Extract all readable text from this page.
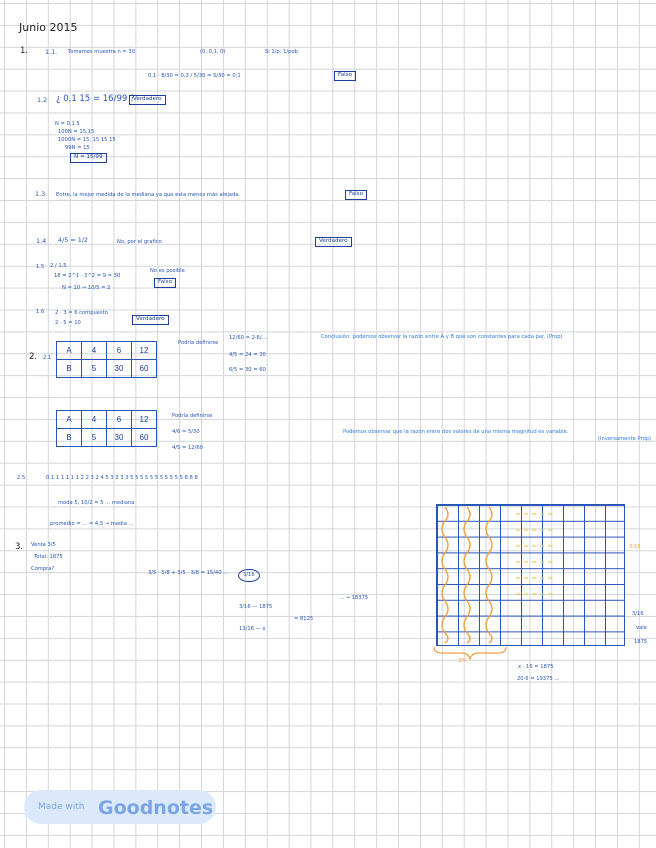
Junio 2015
1.	1.1. Tomamos muestra n = 30	(0, 0,1, 0)	Si 1/p: 1/pob
0,1 · 8/30 = 0,3 / 5/30 = 5/30 = 0,1	Falso
1.2 ¿ 0,1 15 = 16/99 ?
Verdadero
N = 0,1 5
100N = 15,15
1000N = 15, 15 15 15
99N = 15
N = 15/99
1.3 Entre, la mejor medida de la mediana ya que esta menos más alejada.	Falso
1.4 4/5 = 1/2	No, por el grafico	Verdadero
1.5 2 / 1,5
18 = 2^1 · 3^2 = 9 = 30
N = 10 → 10/5 = 2
No es posible
Falso
1.6 2 · 3 = 6 compuesto
2 · 5 = 10
Verdadero
2. 2.1
A	4	6	12
B	5	30	60
Podría definirse
12/60 = 2·6/...
4/5 = 24 = 30
6/5 = 30 = 60
Conclusión: podemos observar la razón entre A y B que son constantes para cada par. (Prop)
A	4	6	12
B	5	30	60
Podría definirse
4/6 = 5/30
4/5 = 12/60
Podemos observar que la razón entre dos valores de una misma magnitud es variable.
(Inversamente Prop)
2.5	0,1 1 1 1 1 1 2 2 3 2 4 5 3 3 3 3 5 5 5 5 5 5 5 5 5 5 5 8 8 8
moda 5, 10/2 = 5 ... mediana
promedio = ... = 4,5 → media ...
3. Venta 3/5
Total: 1875
Compra?
3/5 · 5/8 + 3/5 · 3/8 = 15/40 ...	3/16
... → 18375
3/16 — 1875
13/16 — x
= 8125
x · 16 = 1875
20·6 = 19375 ...
≈ ≈ ≈ ≈ ≈
≈ ≈ ≈ ≈ ≈
≈ ≈ ≈ ≈ ≈
≈ ≈ ≈ ≈ ≈
≈ ≈ ≈ ≈ ≈
≈ ≈ ≈ ≈ ≈
3/5
3/16
3/16
vale
1875
Made with Goodnotes
